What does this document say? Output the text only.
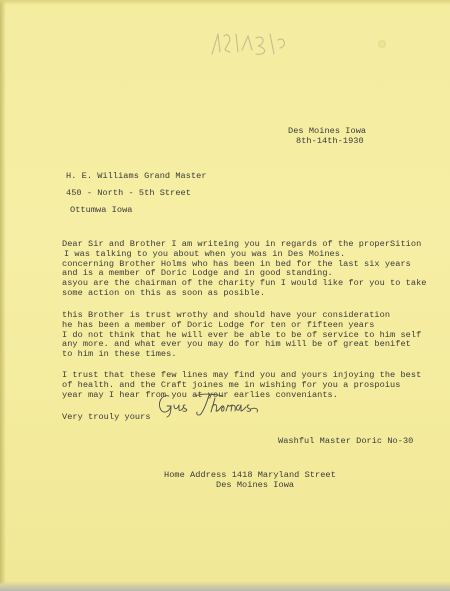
Des Moines Iowa
8th-14th-1930
H. E. Williams Grand Master
450 - North - 5th Street
Ottumwa Iowa
Dear Sir and Brother I am writeing you in regards of the properSition
I was talking to you about when you was in Des Moines.
concerning Brother Holms who has been in bed for the last six years
and is a member of Doric Lodge and in good standing.
asyou are the chairman of the charity fun I would like for you to take
some action on this as soon as posible.
this Brother is trust wrothy and should have your consideration
he has been a member of Doric Lodge for ten or fifteen years
I do not think that he will ever be able to be of service to him self
any more. and what ever you may do for him will be of great benifet
to him in these times.
I trust that these few lines may find you and yours injoying the best
of health. and the Craft joines me in wishing for you a prospoius
year may I hear from you at your earlies conveniants.
Very trouly yours
Washful Master Doric No-30
Home Address 1418 Maryland Street
Des Moines Iowa
